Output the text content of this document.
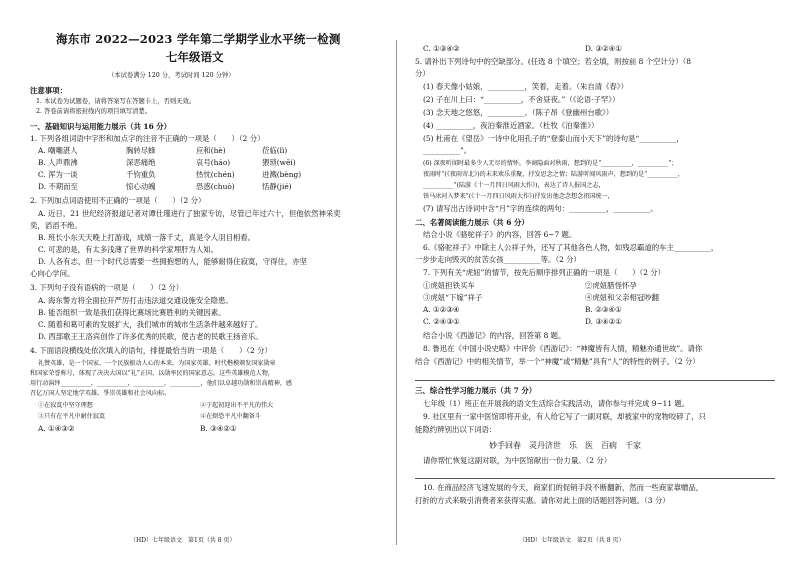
海东市 2022—2023 学年第二学期学业水平统一检测
七年级语文
（本试卷满分 120 分，考试时间 120 分钟）
注意事项：
1. 本试卷为试题卷，请将答案写在答题卡上，否则无效。
2. 答卷前请将密封线内的项目填写清楚。
一、基础知识与运用能力展示（共 16 分）
1. 下列各组词语中字形和加点字的注音不正确的一项是（　　）（2 分）
A. 嘲嘲湛人	胸转尽蜂	应和(hè)	莅临(lì)
B. 人声鼎沸	深恶痛绝	哀号(háo)	猥琐(wěi)
C. 浑为一谈	千钧重负	热忱(chén)	迸溅(bèng)
D. 不期而至	惊心动魄	恐惑(chuò)	恬静(jié)
2. 下列加点词语使用不正确的一项是（　　）（2 分）
A. 近日，21 世纪经济报道记者对谭仕瑾进行了独家专访，尽管已年过六十，但他依然神采奕
奕，滔滔不绝。
B. 班长小东天天晚上打游戏，成绩一落千丈，真是令人羽目相看。
C. 可悲的是，有太多浅薄了世界的科学家埋肝为人知。
D. 人各有志，但一个时代总需要一些拥抱想的人，能够耐得住寂寞，守得住，亦坚
心向心学问。
3. 下列句子没有语病的一项是（　　）（2 分）
A. 海东警方将全面拉开严厉打击违法道交通设施安全隐患。
B. 能否组织一致是我们获得比赛场比赛胜利的关键因素。
C. 随着和葛可素的发展扩大，我们城市的城市生活条件越来越好了。
D. 西部歌王王洛宾创作了许多优秀的民歌，使古老的民歌王扬音乐。
4. 下面语段横线处依次填入的语句，排提最恰当的一项是（　　）（2 分）
礼赞英雄，是一个国家、一个民族振动人心的本来。为国家英雄、时代楷模颁发国家勋章
和国家荣誉称号，体现了决决大国以“礼”正国、以勋率民的国家意志。这些英雄模范人物，
用行动演绎__________，__________，__________，__________，他们以卓越功勋和崇高精神，感
召亿万国人坚定地学英雄、爭崇英雄和社会风向标。
①在寂寞中坚守理想	②于起初迎出不平凡的伟大
③只有在平凡中耐住寂寞	④在烦恐平凡中翻备斗
A. ①④③②	B. ③④②①
（HD）七年级语文　第1页（共 8 页）
C. ①③④②	D. ③②④①
5. 请补出下列诗句中的空缺部分。(任选 8 个填空；若全填，则按前 8 个空计分）（8
分）
(1) 春天像小姑娘，__________，笑着，走着。（朱自清《春》）
(2) 子在川上曰：“__________，不舍昼夜。”（《论语·子罕》）
(3) 念天地之悠悠，__________。（陈子昂《登幽州台歌》）
(4) __________，夜泊秦淮近酒家。（杜牧《泊秦淮》）
(5) 杜甫在《望岳》一诗中化用孔子的“登泰山而小天下”的诗句是“__________，
__________”。
(6) 深夜听闻时最多少人无尽的情怀。李商隐面对秋雨，想到的是“__________，__________”；
夜雨时“(《夜雨寄北》)的未来欢乐重聚，抒发思念之情；陆游听闻风雨声，想到的是“__________，
__________”(陆游《十一月四日风雨大作》)，表达了诗人报国之志，
铁马冰河入梦来”(《十一月四日风雨大作》)抒发出他念念想念祖国统一，
(7) 请写出古诗词中含“月”字的连续的两句：__________，__________。
二、名著阅读能力展示（共 6 分）
结合小说《骆驼祥子》的内容，回答 6~7 题。
6.《骆驼祥子》中除主人公祥子外，还写了其他各色人物，如残忍霸道的车主__________，
一步步走向毁灭的贫苦女孩__________等。（2 分）
7. 下列有关“虎妞”的情节，按先后顺序排列正确的一项是（　　）（2 分）
①虎妞担铁买车	②虎妞腊怪怀孕
③虎妞“下嫁”祥子	④虎妞和父亲相冠吵翻
A. ①②③④	B. ②③④①
C. ②④③①	D. ③④②①
结合小说《西游记》的内容，回答第 8 题。
8. 鲁迅在《中国小说史略》中评价《西游记》：“神魔皆有人情，精魅亦通世故”。请你
结合《西游记》中的相关情节，举一个“神魔”或“精魅”具有“人”的特性的例子。（2 分）
三、综合性学习能力展示（共 7 分）
七年级（1）班正在开展我的语文生活综合实践活动，请你参与并完成 9~11 题。
9. 社区里有一家中医馆即将开业，有人给它写了一副对联，却被家中的宠物咬碎了，只
能隐约辨别出以下词语：
妙手回春　灵丹济世　乐　医　百病　千家
请你帮忙恢复这副对联，为中医馆献出一份力量。（2 分）
10. 在商品经济飞速发展的今天，商家们的促销手段不断翻新，然而一些商家靠赠品，
打折的方式来吸引消费者来获得实惠。请你对此上面的话题回答问题。（3 分）
（HD）七年级语文　第2页（共 8 页）
